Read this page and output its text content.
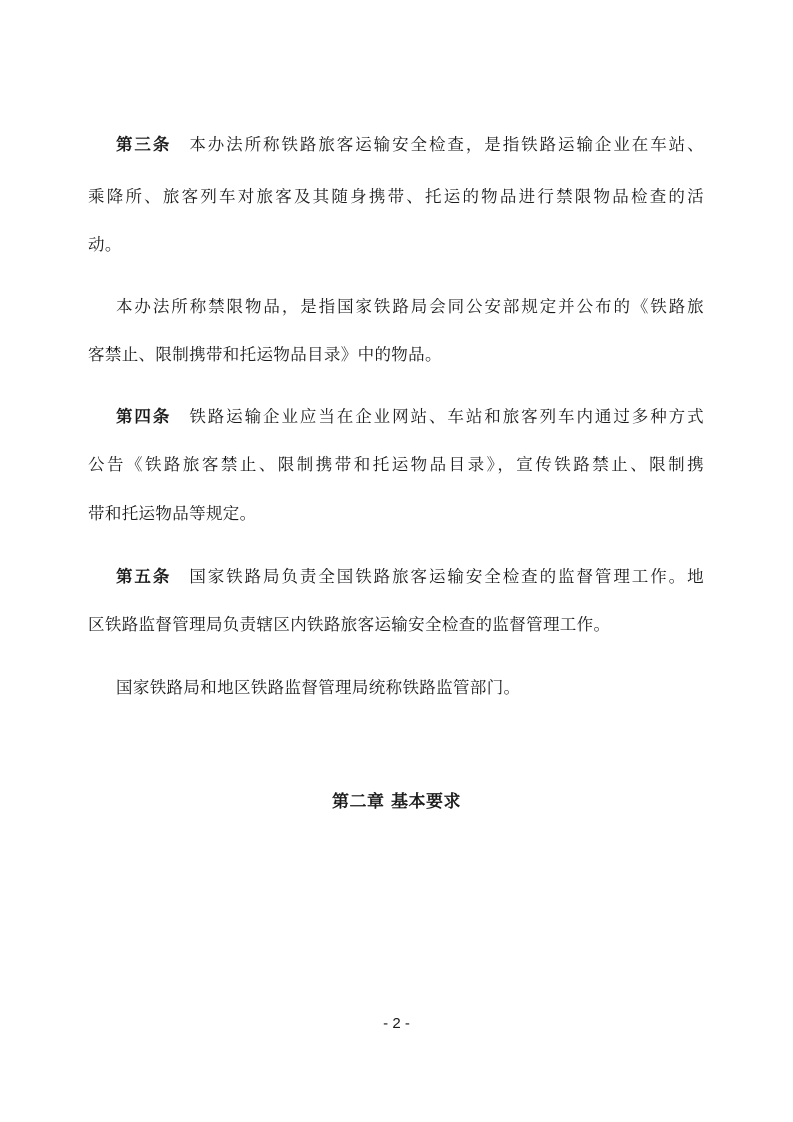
第三条 本办法所称铁路旅客运输安全检查，是指铁路运输企业在车站、
乘降所、旅客列车对旅客及其随身携带、托运的物品进行禁限物品检查的活
动。
本办法所称禁限物品，是指国家铁路局会同公安部规定并公布的《铁路旅
客禁止、限制携带和托运物品目录》中的物品。
第四条 铁路运输企业应当在企业网站、车站和旅客列车内通过多种方式
公告《铁路旅客禁止、限制携带和托运物品目录》，宣传铁路禁止、限制携
带和托运物品等规定。
第五条 国家铁路局负责全国铁路旅客运输安全检查的监督管理工作。地
区铁路监督管理局负责辖区内铁路旅客运输安全检查的监督管理工作。
国家铁路局和地区铁路监督管理局统称铁路监管部门。
第二章 基本要求
- 2 -
